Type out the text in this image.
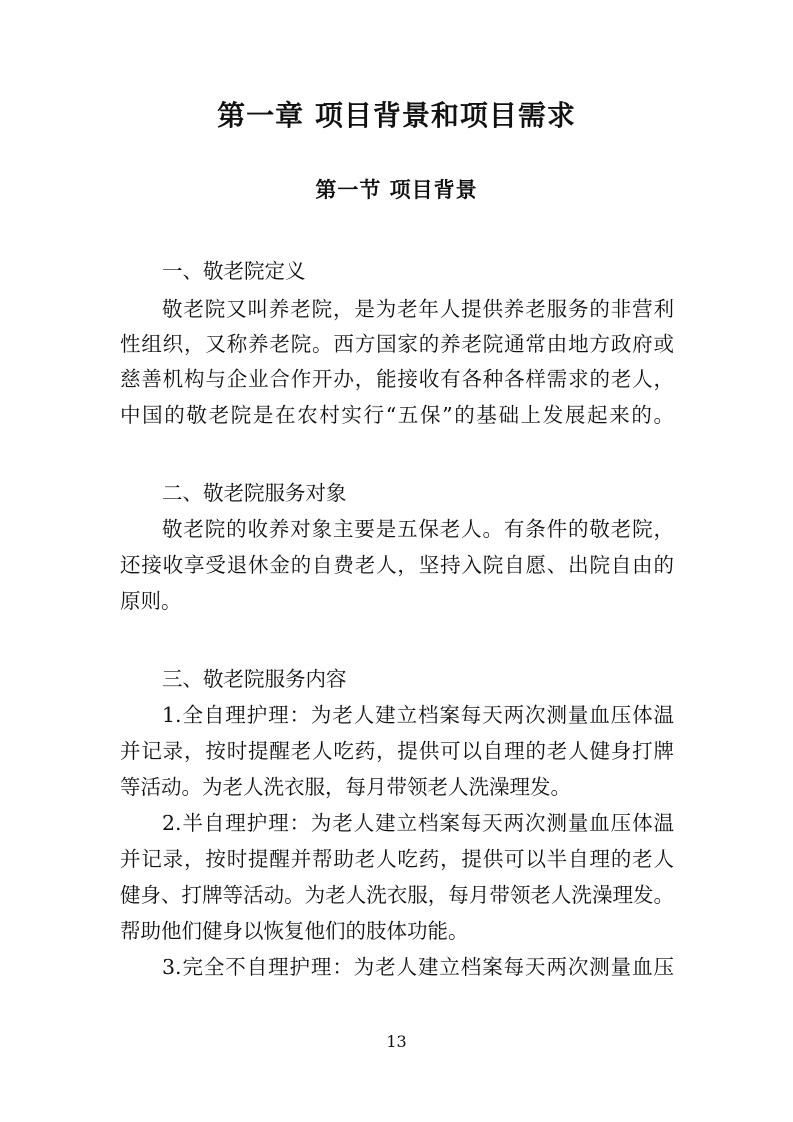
第一章 项目背景和项目需求
第一节 项目背景

一、敬老院定义

敬老院又叫养老院，是为老年人提供养老服务的非营利

性组织，又称养老院。西方国家的养老院通常由地方政府或

慈善机构与企业合作开办，能接收有各种各样需求的老人，

中国的敬老院是在农村实行“五保”的基础上发展起来的。

二、敬老院服务对象

敬老院的收养对象主要是五保老人。有条件的敬老院，

还接收享受退休金的自费老人，坚持入院自愿、出院自由的

原则。

三、敬老院服务内容

1.全自理护理：为老人建立档案每天两次测量血压体温

并记录，按时提醒老人吃药，提供可以自理的老人健身打牌

等活动。为老人洗衣服，每月带领老人洗澡理发。

2.半自理护理：为老人建立档案每天两次测量血压体温

并记录，按时提醒并帮助老人吃药，提供可以半自理的老人

健身、打牌等活动。为老人洗衣服，每月带领老人洗澡理发。

帮助他们健身以恢复他们的肢体功能。

3.完全不自理护理：为老人建立档案每天两次测量血压

13
